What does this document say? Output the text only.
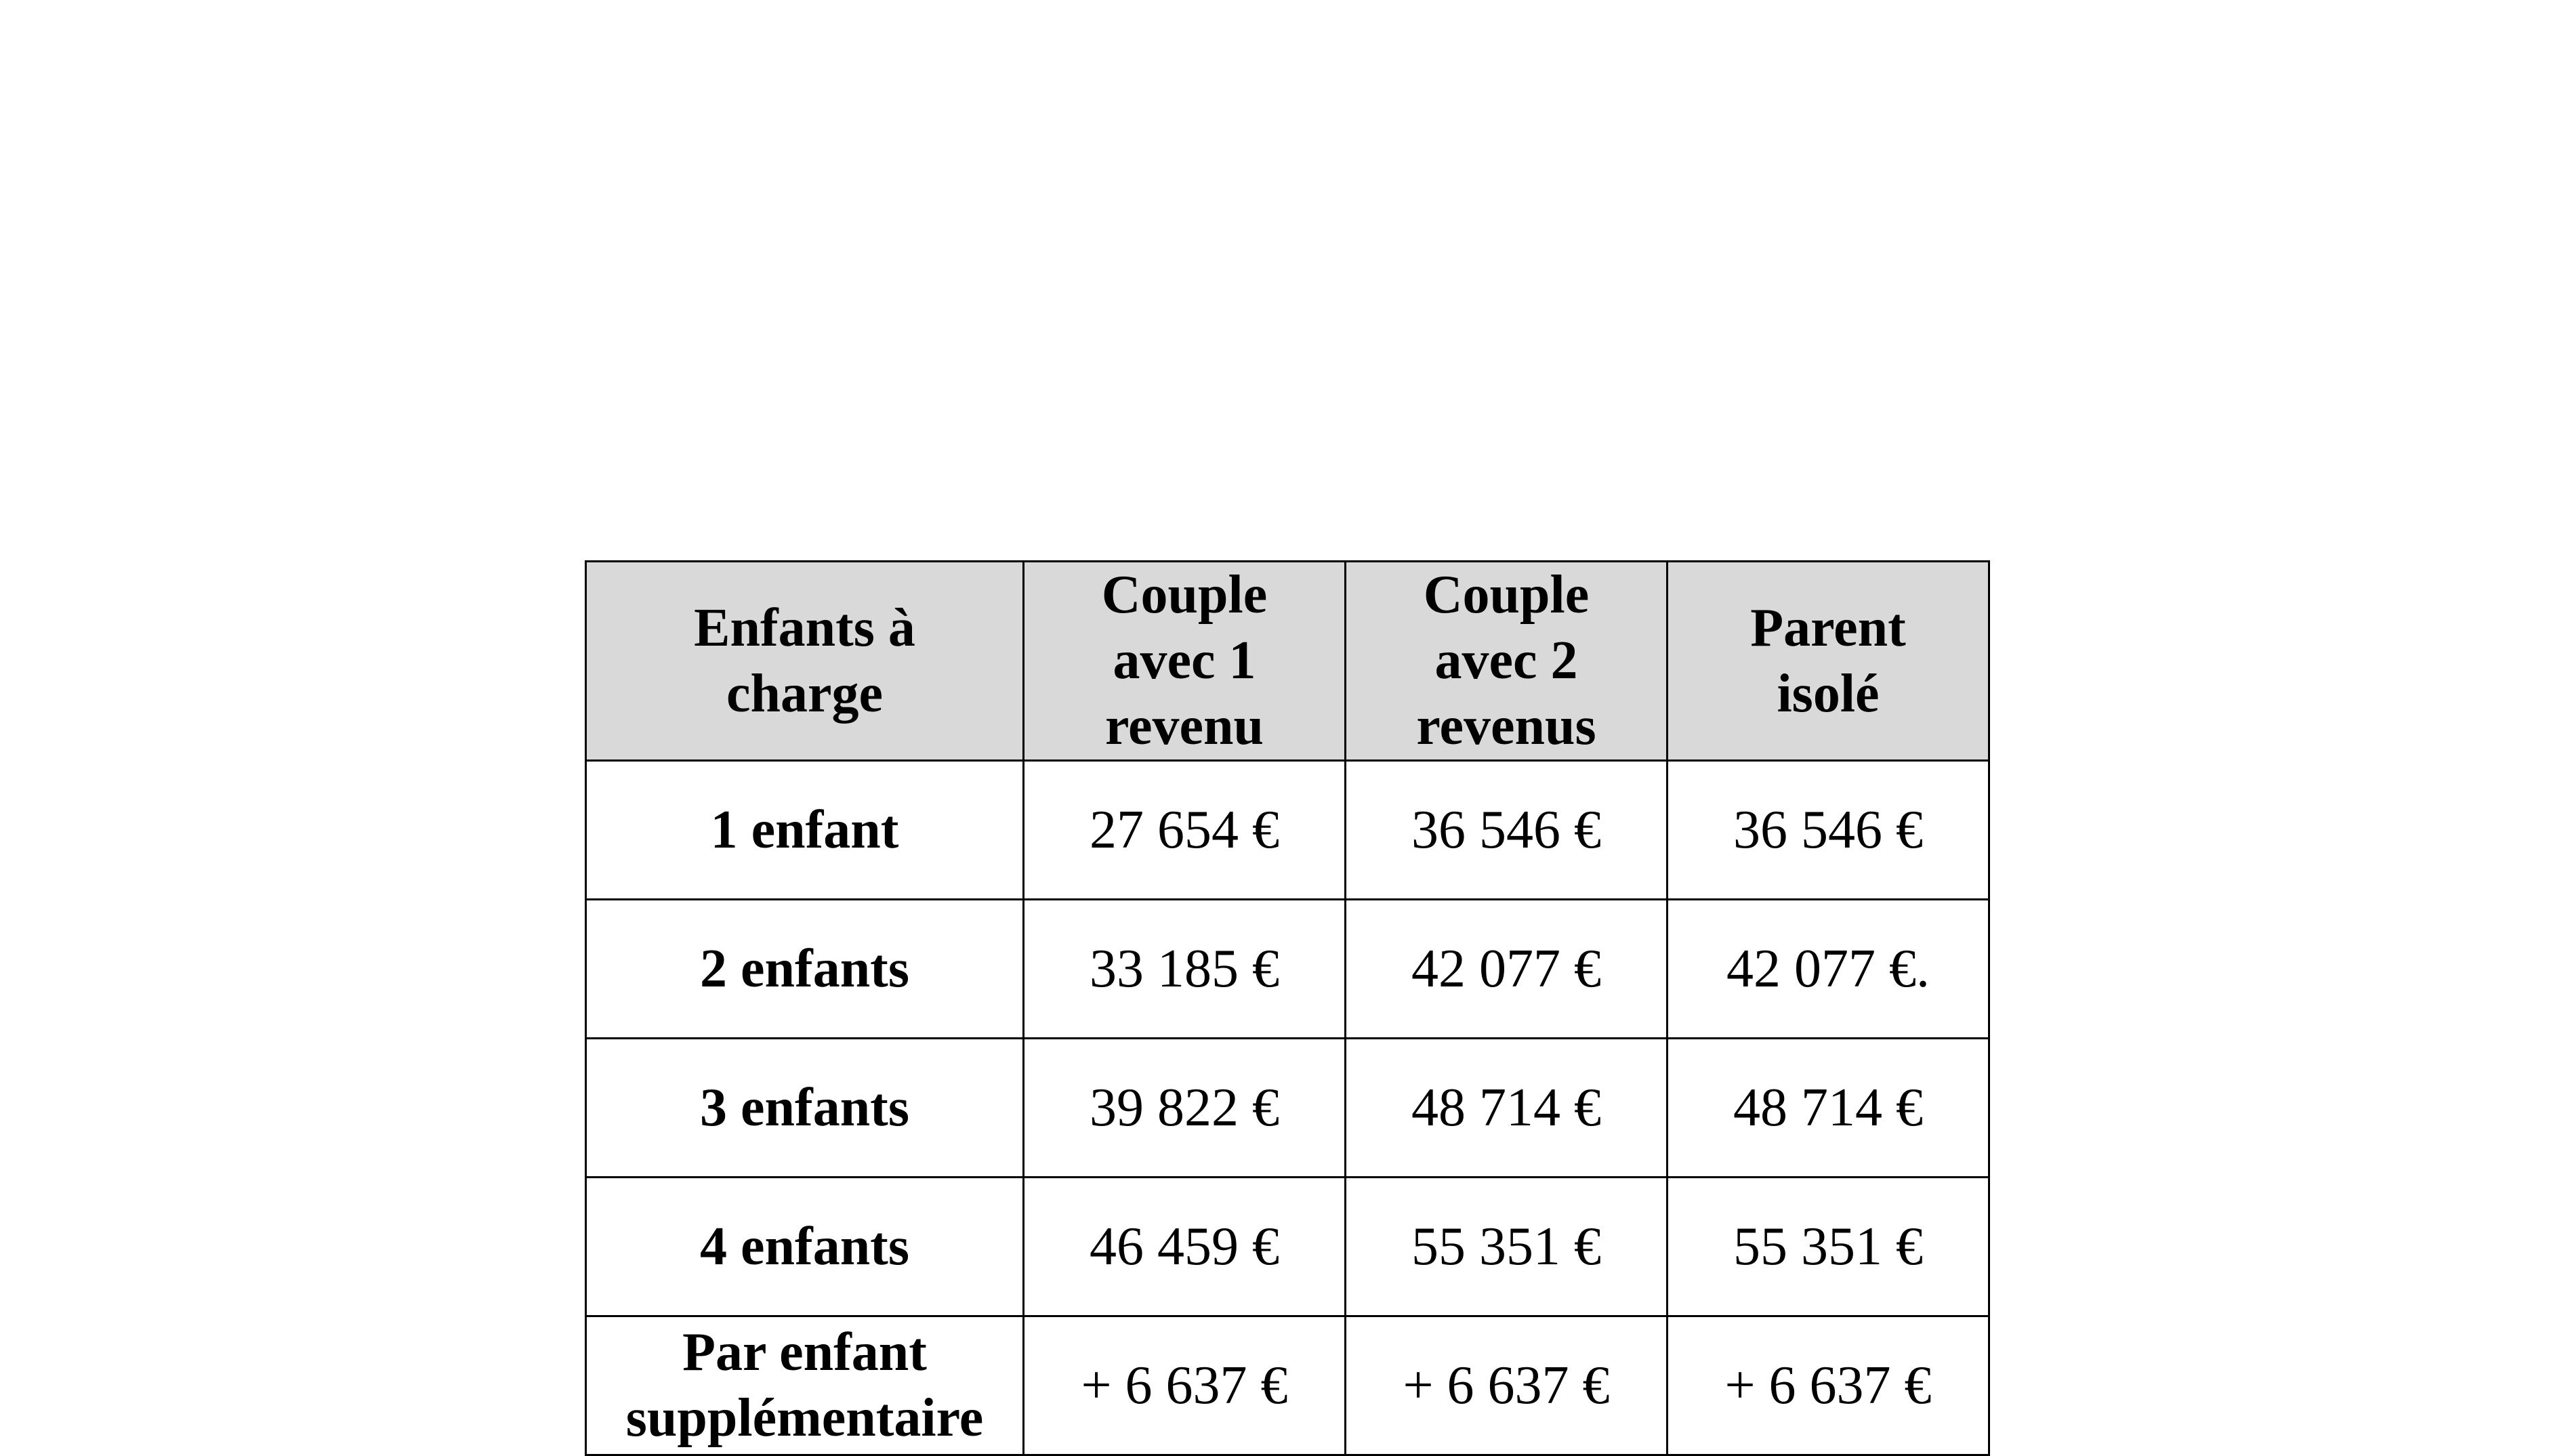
Enfants à
charge	Couple
avec 1
revenu	Couple
avec 2
revenus	Parent
isolé

1 enfant	27 654 €	36 546 €	36 546 €

2 enfants	33 185 €	42 077 €	42 077 €.

3 enfants	39 822 €	48 714 €	48 714 €

4 enfants	46 459 €	55 351 €	55 351 €

Par enfant
supplémentaire	+ 6 637 €	+ 6 637 €	+ 6 637 €
